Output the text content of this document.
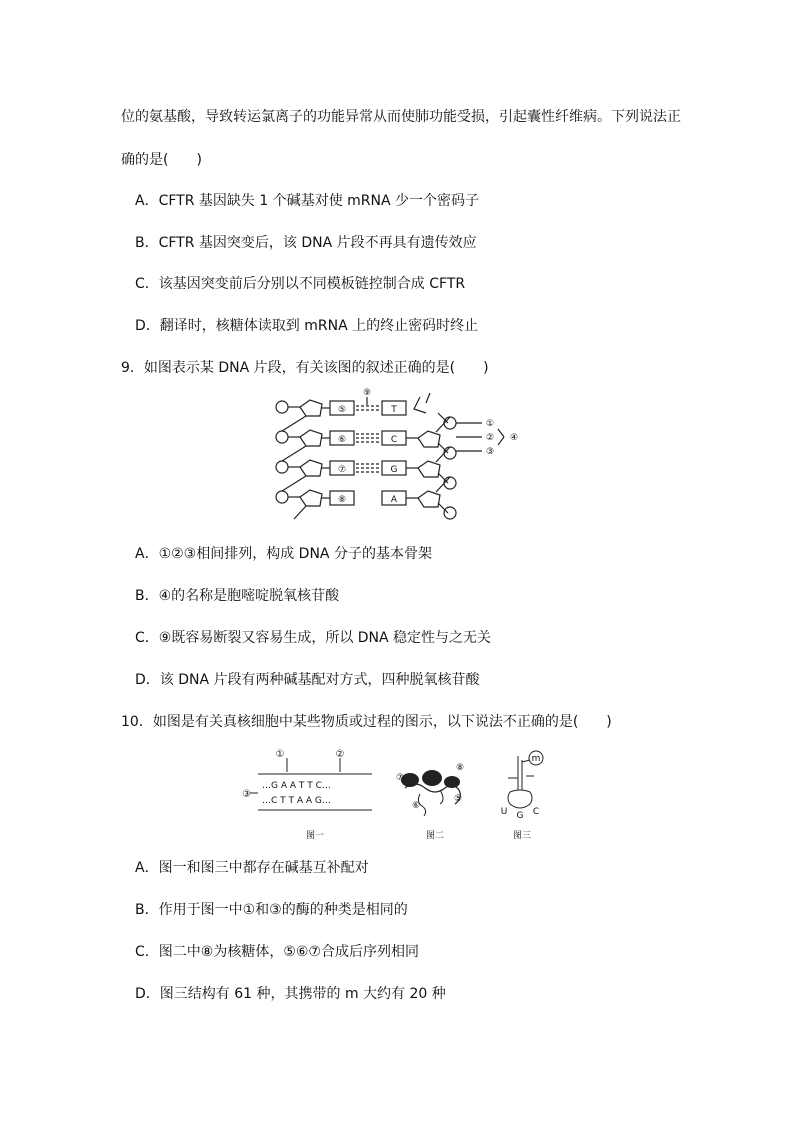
位的氨基酸，导致转运氯离子的功能异常从而使肺功能受损，引起囊性纤维病。下列说法正
确的是(　　)
A．CFTR 基因缺失 1 个碱基对使 mRNA 少一个密码子
B．CFTR 基因突变后，该 DNA 片段不再具有遗传效应
C．该基因突变前后分别以不同模板链控制合成 CFTR
D．翻译时，核糖体读取到 mRNA 上的终止密码时终止
9．如图表示某 DNA 片段，有关该图的叙述正确的是(　　)
⑤
⑥
⑦
⑧
T
C
G
A
⑨
①
②
③
④
A．①②③相间排列，构成 DNA 分子的基本骨架
B．④的名称是胞嘧啶脱氧核苷酸
C．⑨既容易断裂又容易生成，所以 DNA 稳定性与之无关
D．该 DNA 片段有两种碱基配对方式，四种脱氧核苷酸
10．如图是有关真核细胞中某些物质或过程的图示，以下说法不正确的是(　　)
①	②
③
…G A A T T C…
…C T T A A G…
图一
⑦
⑧
⑥
⑤
图二
m
U G C
图三
A．图一和图三中都存在碱基互补配对
B．作用于图一中①和③的酶的种类是相同的
C．图二中⑧为核糖体，⑤⑥⑦合成后序列相同
D．图三结构有 61 种，其携带的 m 大约有 20 种
